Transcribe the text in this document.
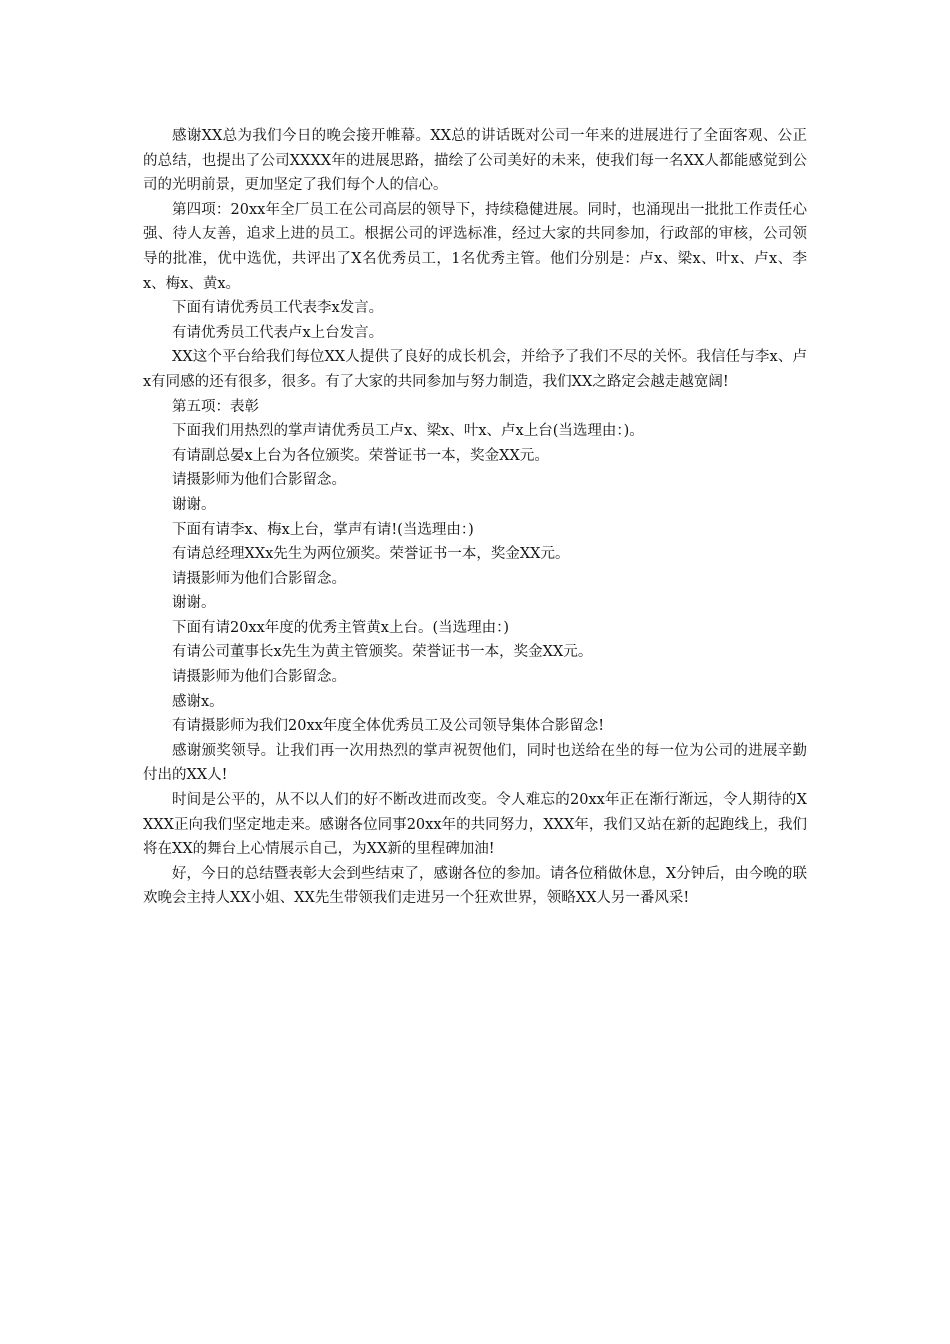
感谢XX总为我们今日的晚会接开帷幕。XX总的讲话既对公司一年来的进展进行了全面客观、公正的总结，也提出了公司XXXX年的进展思路，描绘了公司美好的未来，使我们每一名XX人都能感觉到公司的光明前景，更加坚定了我们每个人的信心。

第四项：20xx年全厂员工在公司高层的领导下，持续稳健进展。同时，也涌现出一批批工作责任心强、待人友善，追求上进的员工。根据公司的评选标准，经过大家的共同参加，行政部的审核，公司领导的批准，优中选优，共评出了X名优秀员工，1名优秀主管。他们分别是：卢x、梁x、叶x、卢x、李x、梅x、黄x。

下面有请优秀员工代表李x发言。

有请优秀员工代表卢x上台发言。

XX这个平台给我们每位XX人提供了良好的成长机会，并给予了我们不尽的关怀。我信任与李x、卢x有同感的还有很多，很多。有了大家的共同参加与努力制造，我们XX之路定会越走越宽阔!

第五项：表彰

下面我们用热烈的掌声请优秀员工卢x、梁x、叶x、卢x上台(当选理由：)。

有请副总晏x上台为各位颁奖。荣誉证书一本，奖金XX元。

请摄影师为他们合影留念。

谢谢。

下面有请李x、梅x上台，掌声有请!(当选理由：)

有请总经理XXx先生为两位颁奖。荣誉证书一本，奖金XX元。

请摄影师为他们合影留念。

谢谢。

下面有请20xx年度的优秀主管黄x上台。(当选理由：)

有请公司董事长x先生为黄主管颁奖。荣誉证书一本，奖金XX元。

请摄影师为他们合影留念。

感谢x。

有请摄影师为我们20xx年度全体优秀员工及公司领导集体合影留念!

感谢颁奖领导。让我们再一次用热烈的掌声祝贺他们，同时也送给在坐的每一位为公司的进展辛勤付出的XX人!

时间是公平的，从不以人们的好不断改进而改变。令人难忘的20xx年正在渐行渐远，令人期待的XXXX正向我们坚定地走来。感谢各位同事20xx年的共同努力，XXX年，我们又站在新的起跑线上，我们将在XX的舞台上心情展示自己，为XX新的里程碑加油!

好，今日的总结暨表彰大会到些结束了，感谢各位的参加。请各位稍做休息，X分钟后，由今晚的联欢晚会主持人XX小姐、XX先生带领我们走进另一个狂欢世界，领略XX人另一番风采!
